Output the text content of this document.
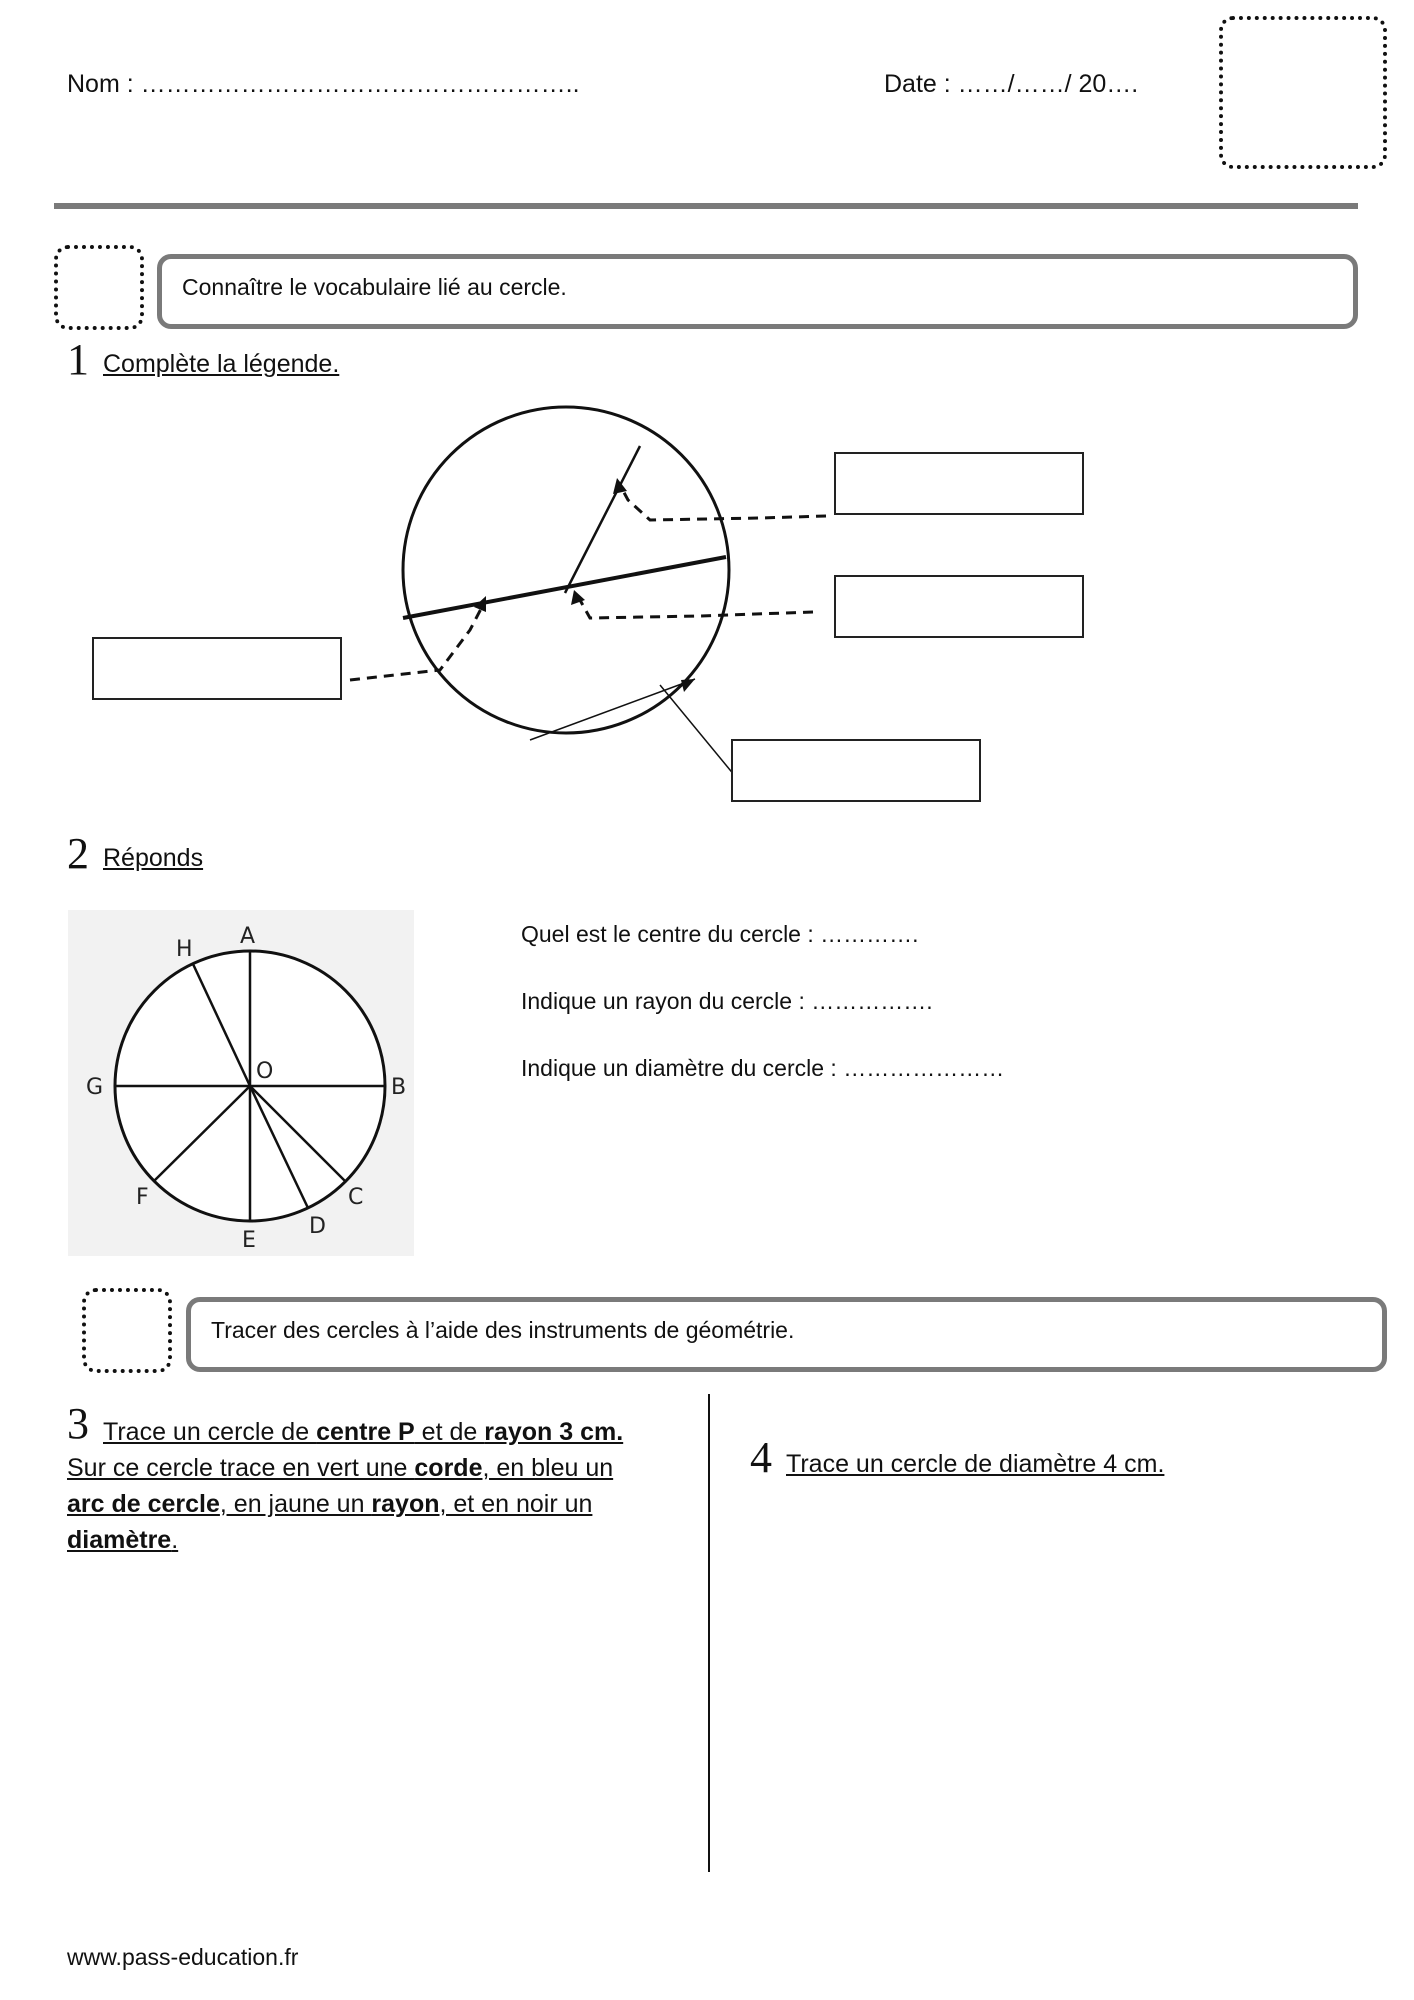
Nom : ……………………………………………..	Date : ……/……/ 20….
Connaître le vocabulaire lié au cercle.
1 Complète la légende.
2 Réponds
A
B
C
D
E
F
G
H
O
Quel est le centre du cercle : ………….
Indique un rayon du cercle : …………….
Indique un diamètre du cercle : …………………
Tracer des cercles à l’aide des instruments de géométrie.
3 Trace un cercle de centre P et de rayon 3 cm.
Sur ce cercle trace en vert une corde, en bleu un
arc de cercle, en jaune un rayon, et en noir un
diamètre.
4 Trace un cercle de diamètre 4 cm.
www.pass-education.fr
